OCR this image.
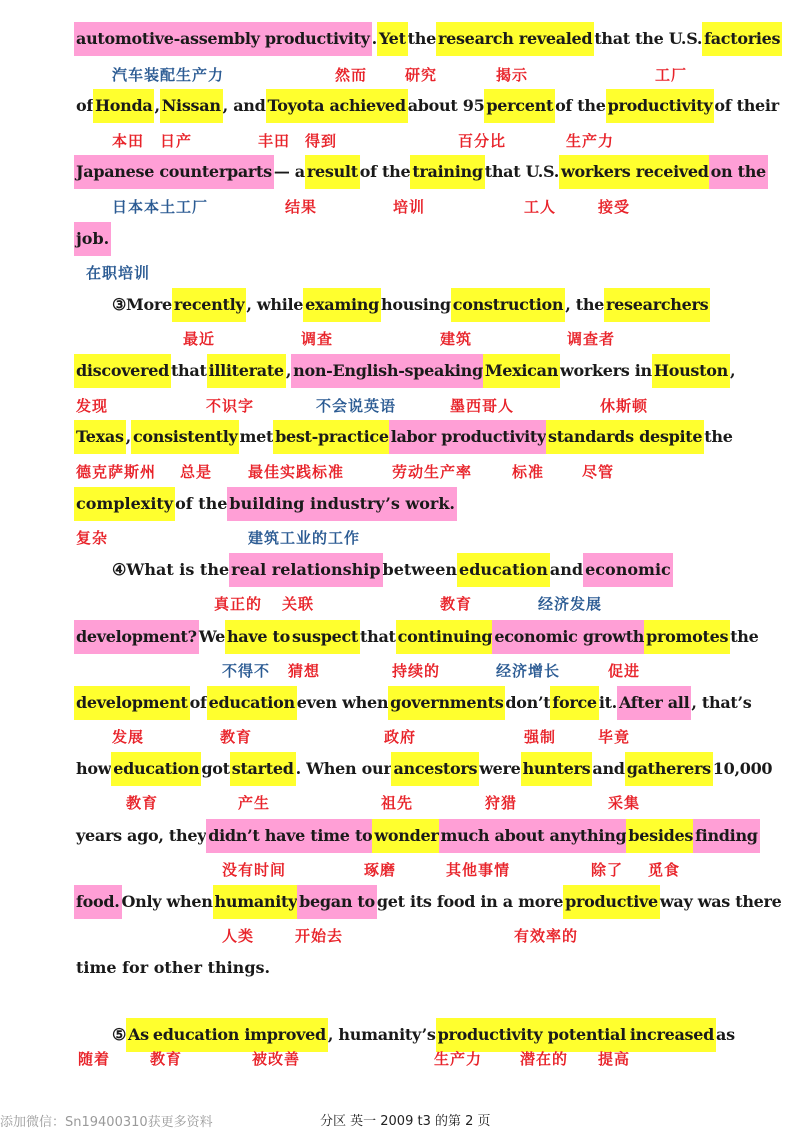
automotive-assembly productivity . Yet the research revealed that the U.S. factories
of Honda , Nissan , and Toyota achieved about 95 percent of the productivity of their
Japanese counterparts — a result of the training that U.S. workers received on the
job.
③More recently , while examing housing construction , the researchers
discovered that illiterate , non-English-speaking Mexican workers in Houston ,
Texas , consistently met best-practice labor productivity standards despite the
complexity of the building industry’s work.
④What is the real relationship between education and economic
development? We have to suspect that continuing economic growth promotes the
development of education even when governments don’t force it. After all , that’s
how education got started . When our ancestors were hunters and gatherers 10,000
years ago, they didn’t have time to wonder much about anything besides finding
food. Only when humanity began to get its food in a more productive way was there
time for other things.
⑤ As education improved , humanity’s productivity potential increased as
汽车装配生产力	然而	研究	揭示	工厂
本田 日产	丰田 得到	百分比	生产力
日本本土工厂	结果	培训	工人	接受
在职培训
最近	调查	建筑	调查者
发现	不识字	不会说英语	墨西哥人	休斯顿
德克萨斯州 总是 最佳实践标准	劳动生产率	标准	尽管
复杂	建筑工业的工作
真正的 关联	教育	经济发展
不得不 猜想	持续的	经济增长	促进
发展	教育	政府	强制	毕竟
教育	产生	祖先	狩猎	采集
没有时间	琢磨	其他事情	除了 觅食
人类	开始去	有效率的
随着	教育	被改善	生产力	潜在的 提高
添加微信：Sn19400310获更多资料	分区 英一 2009 t3 的第 2 页
